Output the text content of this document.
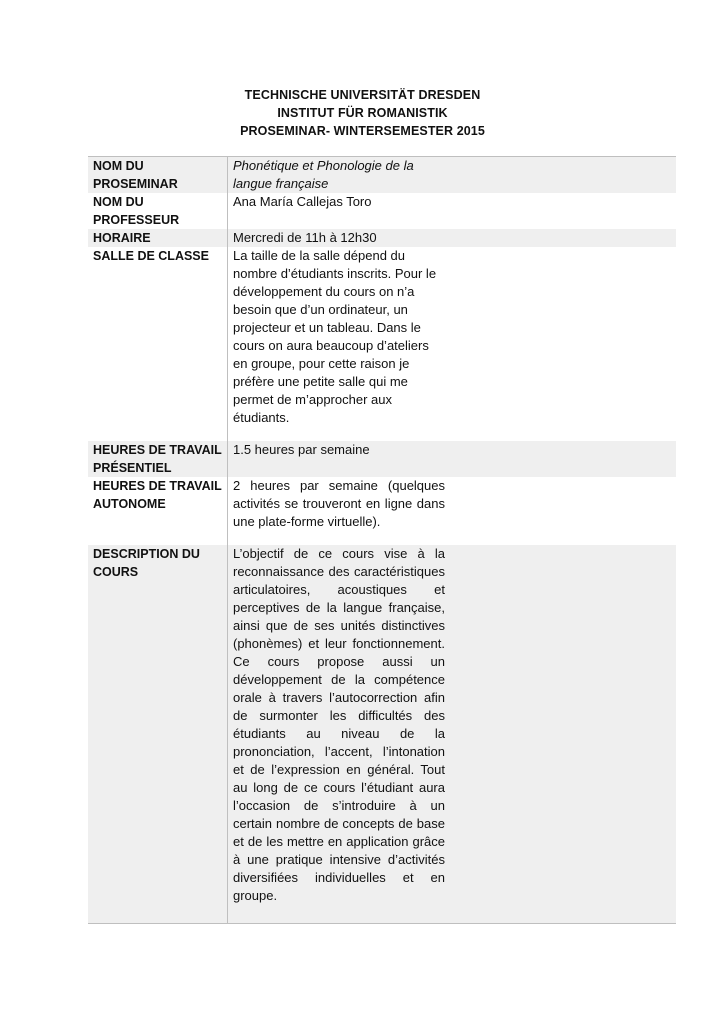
TECHNISCHE UNIVERSITÄT DRESDEN
INSTITUT FÜR ROMANISTIK
PROSEMINAR- WINTERSEMESTER 2015
NOM DU PROSEMINAR
Phonétique et Phonologie de la langue française
NOM DU PROFESSEUR
Ana María Callejas Toro
HORAIRE	Mercredi de 11h à 12h30
SALLE DE CLASSE	La taille de la salle dépend du nombre d’étudiants inscrits. Pour le développement du cours on n’a besoin que d’un ordinateur, un projecteur et un tableau. Dans le cours on aura beaucoup d’ateliers en groupe, pour cette raison je préfère une petite salle qui me permet de m’approcher aux étudiants.
HEURES DE TRAVAIL PRÉSENTIEL
1.5 heures par semaine
HEURES DE TRAVAIL AUTONOME
2 heures par semaine (quelques activités se trouveront en ligne dans une plate-forme virtuelle).
DESCRIPTION DU COURS
L’objectif de ce cours vise à la reconnaissance des caractéristiques articulatoires, acoustiques et perceptives de la langue française, ainsi que de ses unités distinctives (phonèmes) et leur fonctionnement. Ce cours propose aussi un développement de la compétence orale à travers l’autocorrection afin de surmonter les difficultés des étudiants au niveau de la prononciation, l’accent, l’intonation et de l’expression en général. Tout au long de ce cours l’étudiant aura l’occasion de s’introduire à un certain nombre de concepts de base et de les mettre en application grâce à une pratique intensive d’activités diversifiées individuelles et en groupe.
